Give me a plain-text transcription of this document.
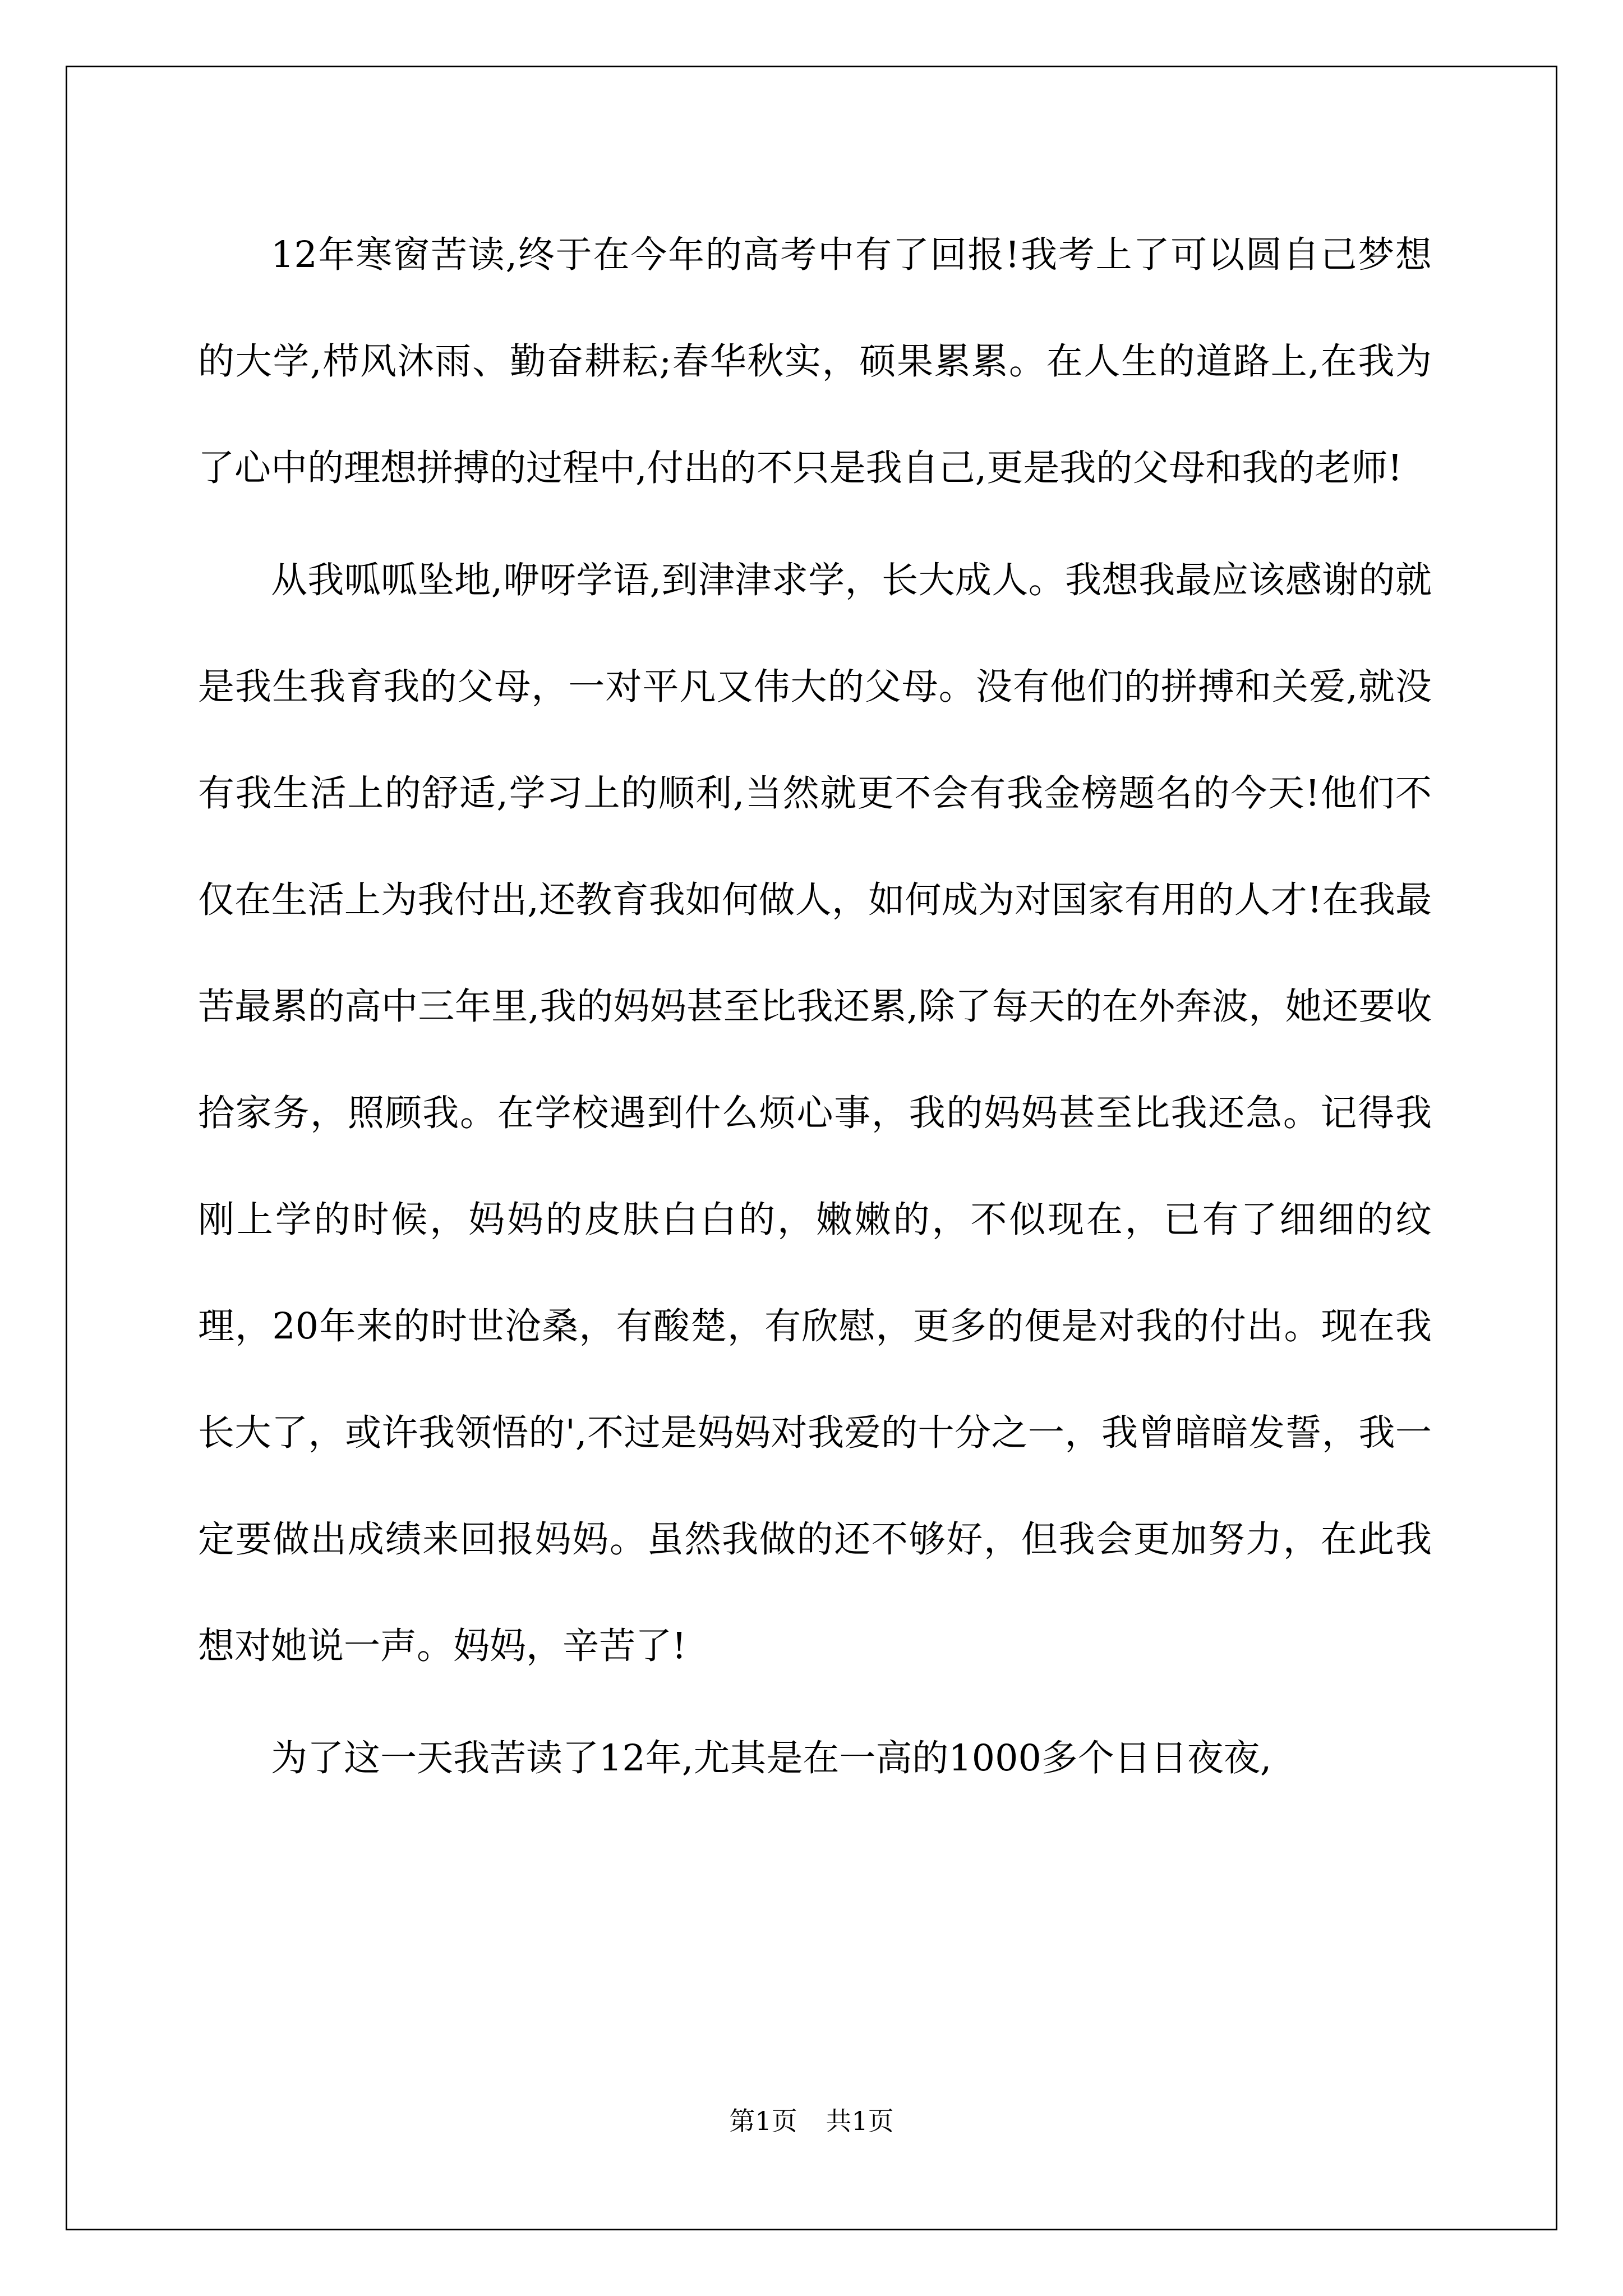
12年寒窗苦读,终于在今年的高考中有了回报!我考上了可以圆自己梦想的大学,栉风沐雨、勤奋耕耘;春华秋实，硕果累累。在人生的道路上,在我为了心中的理想拼搏的过程中,付出的不只是我自己,更是我的父母和我的老师!

从我呱呱坠地,咿呀学语,到津津求学，长大成人。我想我最应该感谢的就是我生我育我的父母，一对平凡又伟大的父母。没有他们的拼搏和关爱,就没有我生活上的舒适,学习上的顺利,当然就更不会有我金榜题名的今天!他们不仅在生活上为我付出,还教育我如何做人，如何成为对国家有用的人才!在我最苦最累的高中三年里,我的妈妈甚至比我还累,除了每天的在外奔波，她还要收拾家务，照顾我。在学校遇到什么烦心事，我的妈妈甚至比我还急。记得我刚上学的时候，妈妈的皮肤白白的，嫩嫩的，不似现在，已有了细细的纹理，20年来的时世沧桑，有酸楚，有欣慰，更多的便是对我的付出。现在我长大了，或许我领悟的',不过是妈妈对我爱的十分之一，我曾暗暗发誓，我一定要做出成绩来回报妈妈。虽然我做的还不够好，但我会更加努力，在此我想对她说一声。妈妈，辛苦了!

为了这一天我苦读了12年,尤其是在一高的1000多个日日夜夜,

第1页 共1页
